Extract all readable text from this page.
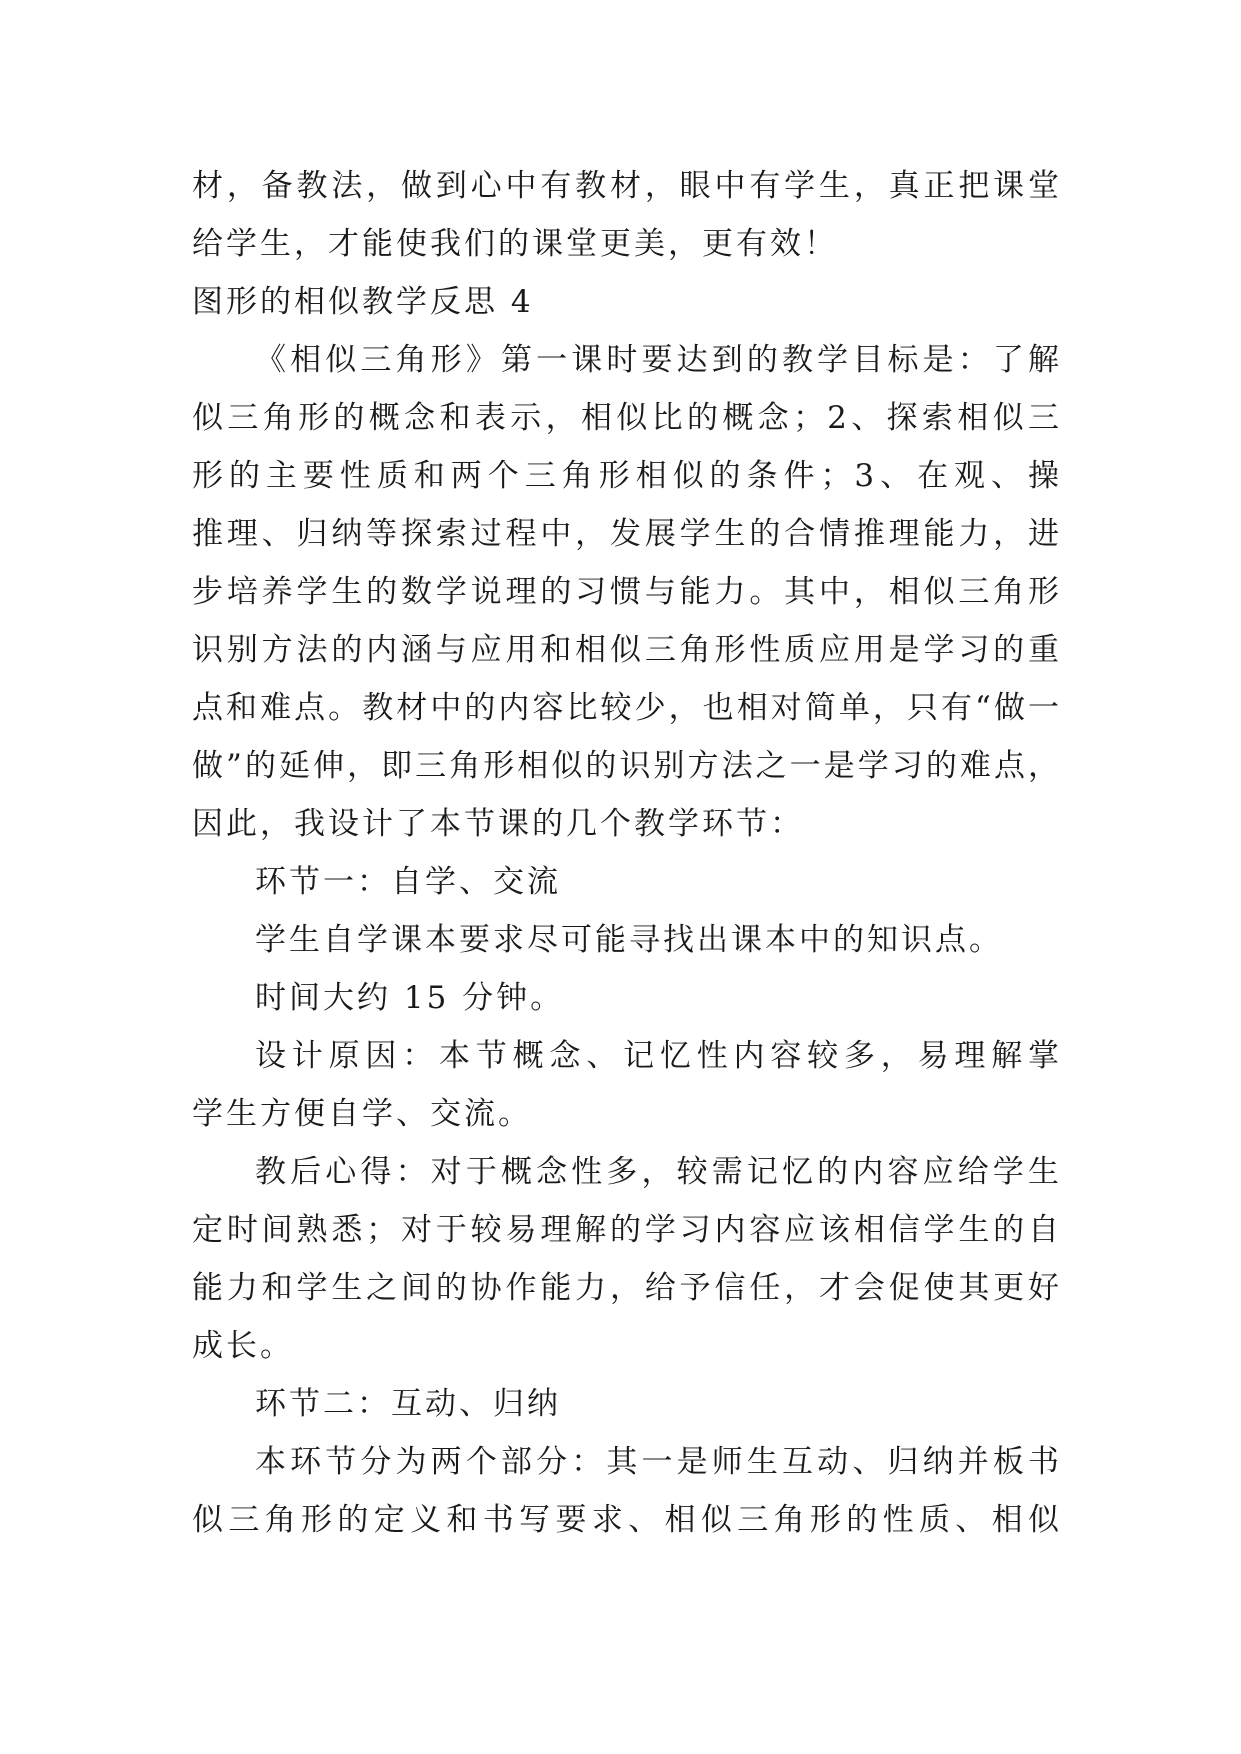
材，备教法，做到心中有教材，眼中有学生，真正把课堂
给学生，才能使我们的课堂更美，更有效！
图形的相似教学反思 4
《相似三角形》第一课时要达到的教学目标是：了解
似三角形的概念和表示，相似比的概念；2、探索相似三
形的主要性质和两个三角形相似的条件；3、在观、操
推理、归纳等探索过程中，发展学生的合情推理能力，进
步培养学生的数学说理的习惯与能力。其中，相似三角形
识别方法的内涵与应用和相似三角形性质应用是学习的重
点和难点。教材中的内容比较少，也相对简单，只有“做一
做”的延伸，即三角形相似的识别方法之一是学习的难点，
因此，我设计了本节课的几个教学环节：
环节一：自学、交流
学生自学课本要求尽可能寻找出课本中的知识点。
时间大约 15 分钟。
设计原因：本节概念、记忆性内容较多，易理解掌
学生方便自学、交流。
教后心得：对于概念性多，较需记忆的内容应给学生
定时间熟悉；对于较易理解的学习内容应该相信学生的自
能力和学生之间的协作能力，给予信任，才会促使其更好
成长。
环节二：互动、归纳
本环节分为两个部分：其一是师生互动、归纳并板书
似三角形的定义和书写要求、相似三角形的性质、相似
